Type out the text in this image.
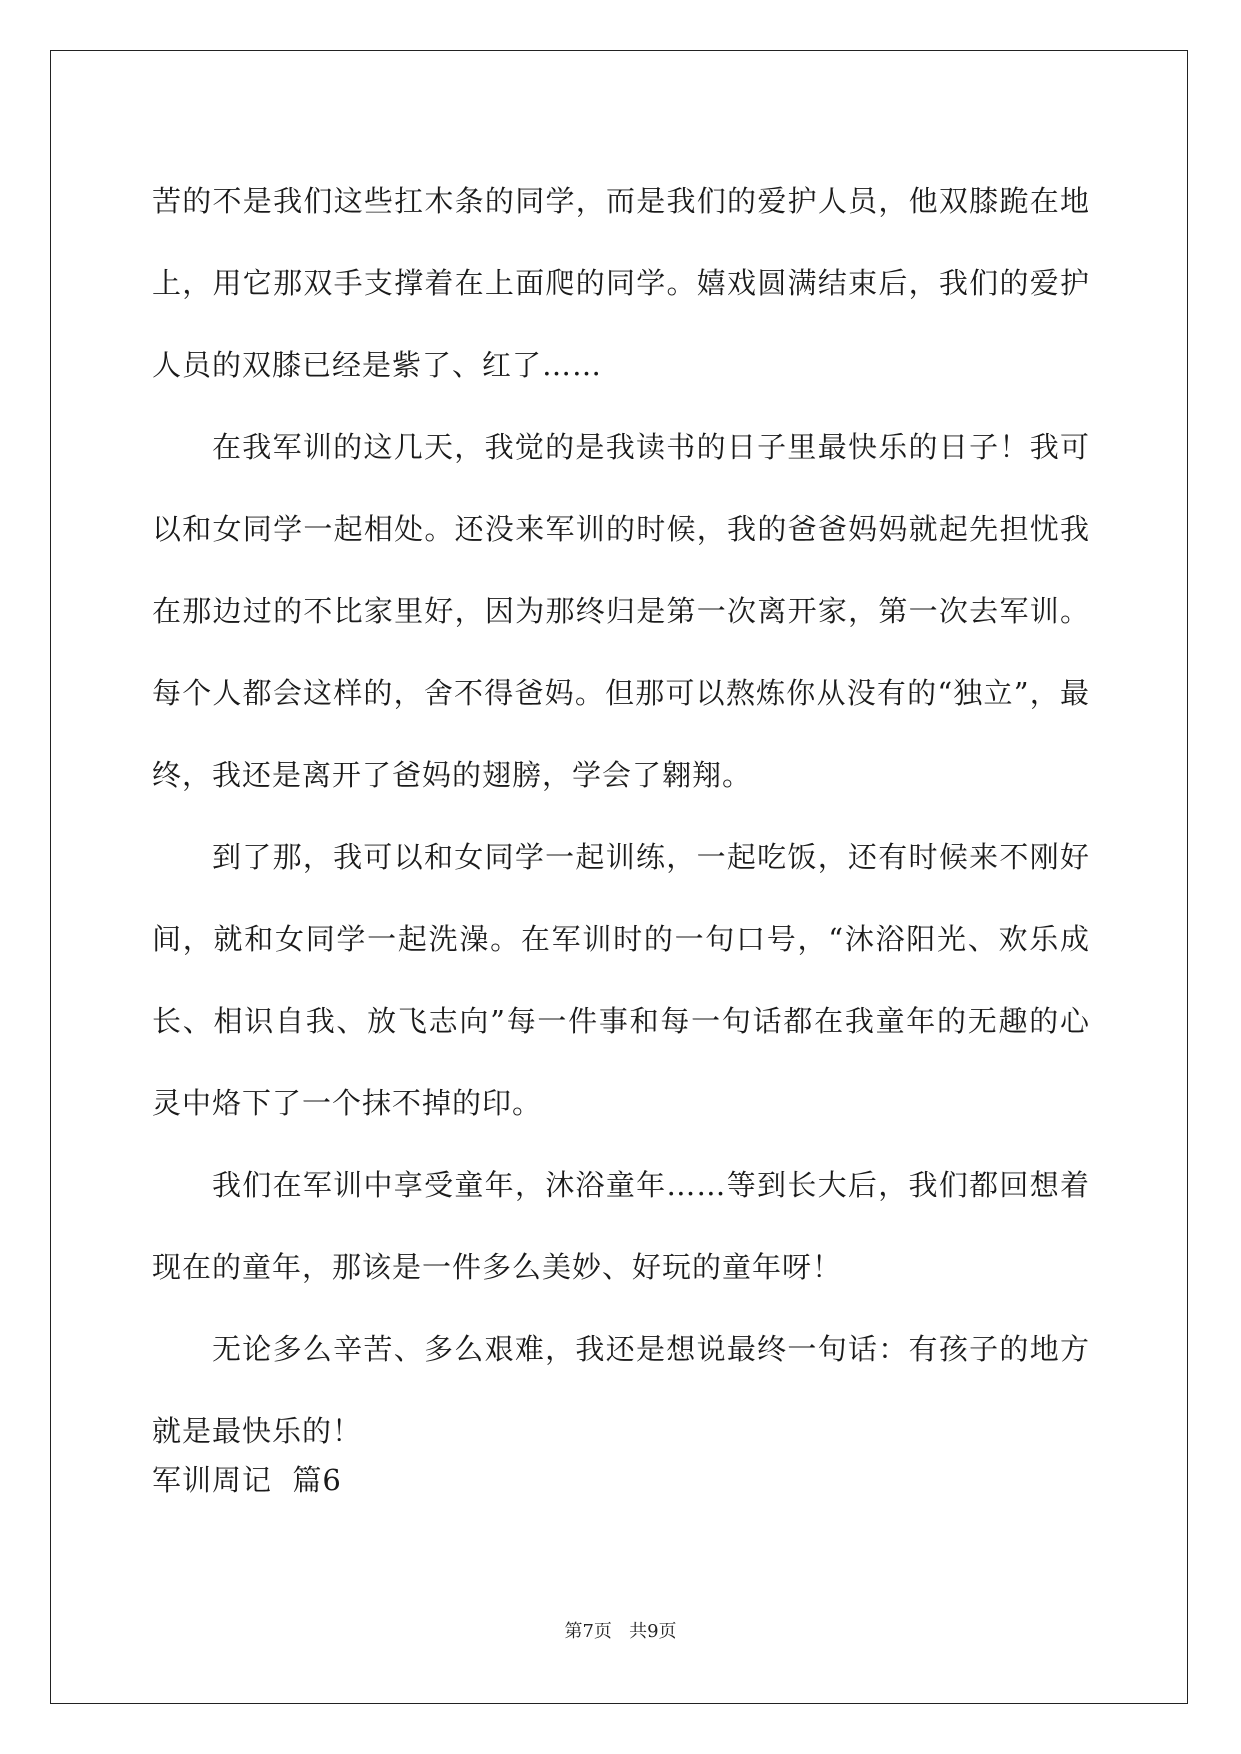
苦的不是我们这些扛木条的同学，而是我们的爱护人员，他双膝跪在地上，用它那双手支撑着在上面爬的同学。嬉戏圆满结束后，我们的爱护人员的双膝已经是紫了、红了……

在我军训的这几天，我觉的是我读书的日子里最快乐的日子！我可以和女同学一起相处。还没来军训的时候，我的爸爸妈妈就起先担忧我在那边过的不比家里好，因为那终归是第一次离开家，第一次去军训。每个人都会这样的，舍不得爸妈。但那可以熬炼你从没有的“独立”，最终，我还是离开了爸妈的翅膀，学会了翱翔。

到了那，我可以和女同学一起训练，一起吃饭，还有时候来不刚好间，就和女同学一起洗澡。在军训时的一句口号，“沐浴阳光、欢乐成长、相识自我、放飞志向”每一件事和每一句话都在我童年的无趣的心灵中烙下了一个抹不掉的印。

我们在军训中享受童年，沐浴童年……等到长大后，我们都回想着现在的童年，那该是一件多么美妙、好玩的童年呀！

无论多么辛苦、多么艰难，我还是想说最终一句话：有孩子的地方就是最快乐的！

军训周记  篇6
第7页   共9页
